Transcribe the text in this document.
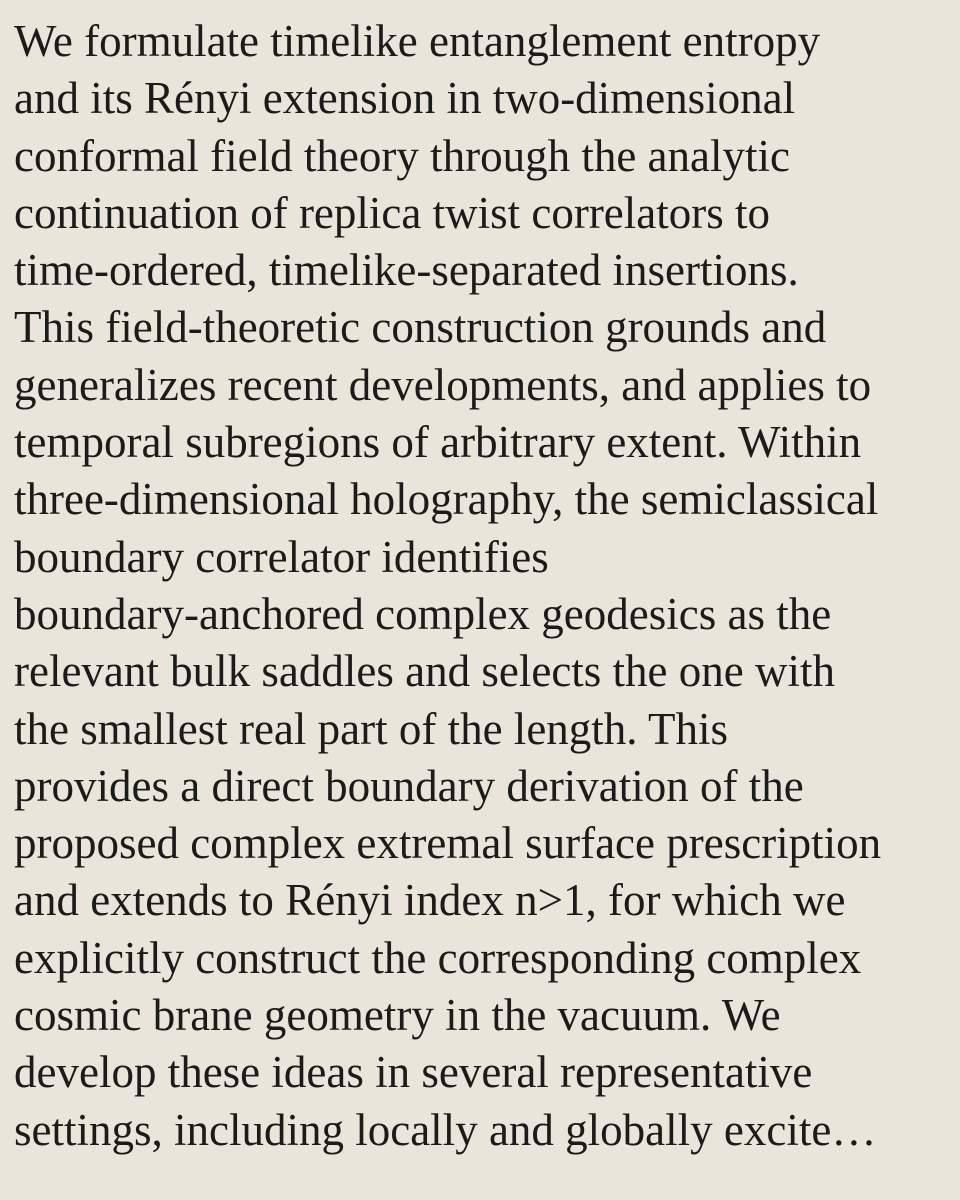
We formulate timelike entanglement entropy
and its Rényi extension in two-dimensional
conformal field theory through the analytic
continuation of replica twist correlators to
time-ordered, timelike-separated insertions.
This field-theoretic construction grounds and
generalizes recent developments, and applies to
temporal subregions of arbitrary extent. Within
three-dimensional holography, the semiclassical
boundary correlator identifies
boundary-anchored complex geodesics as the
relevant bulk saddles and selects the one with
the smallest real part of the length. This
provides a direct boundary derivation of the
proposed complex extremal surface prescription
and extends to Rényi index n>1, for which we
explicitly construct the corresponding complex
cosmic brane geometry in the vacuum. We
develop these ideas in several representative
settings, including locally and globally excite…
